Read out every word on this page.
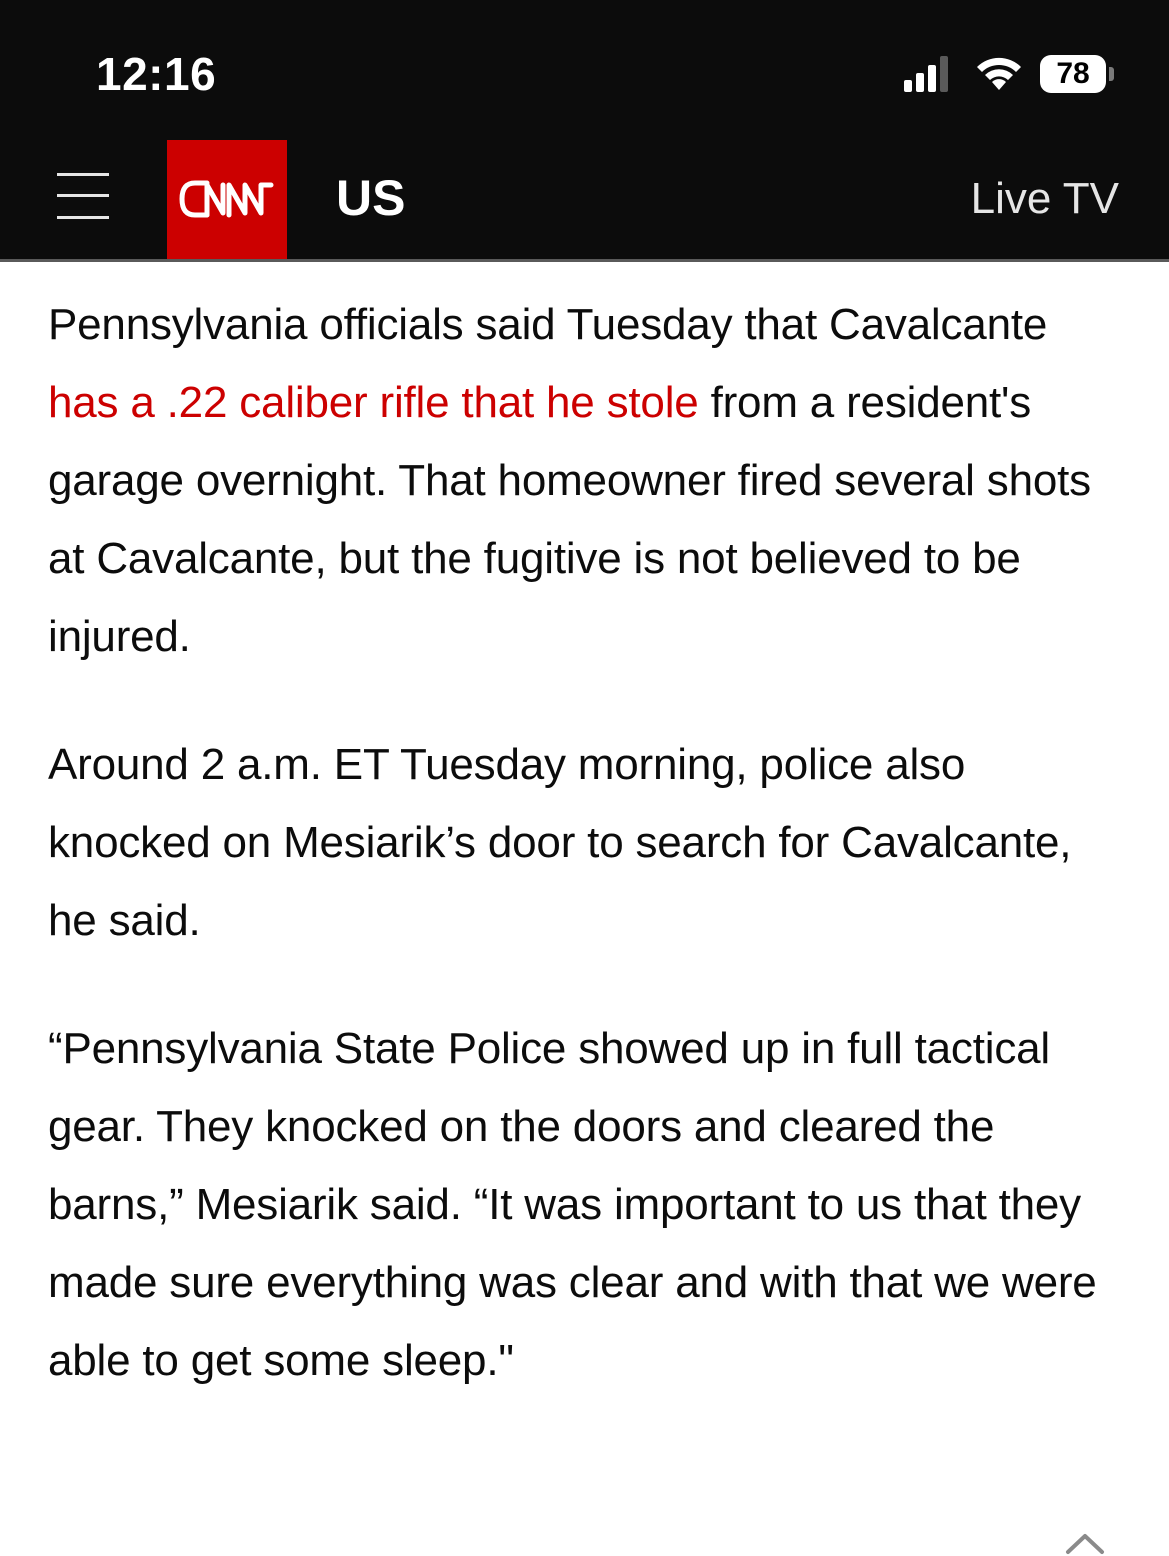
12:16	78
US	Live TV

Pennsylvania officials said Tuesday that Cavalcante has a .22 caliber rifle that he stole from a resident's garage overnight. That homeowner fired several shots at Cavalcante, but the fugitive is not believed to be injured.

Around 2 a.m. ET Tuesday morning, police also knocked on Mesiarik’s door to search for Cavalcante, he said.

“Pennsylvania State Police showed up in full tactical gear. They knocked on the doors and cleared the barns,” Mesiarik said. “It was important to us that they made sure everything was clear and with that we were able to get some sleep."
